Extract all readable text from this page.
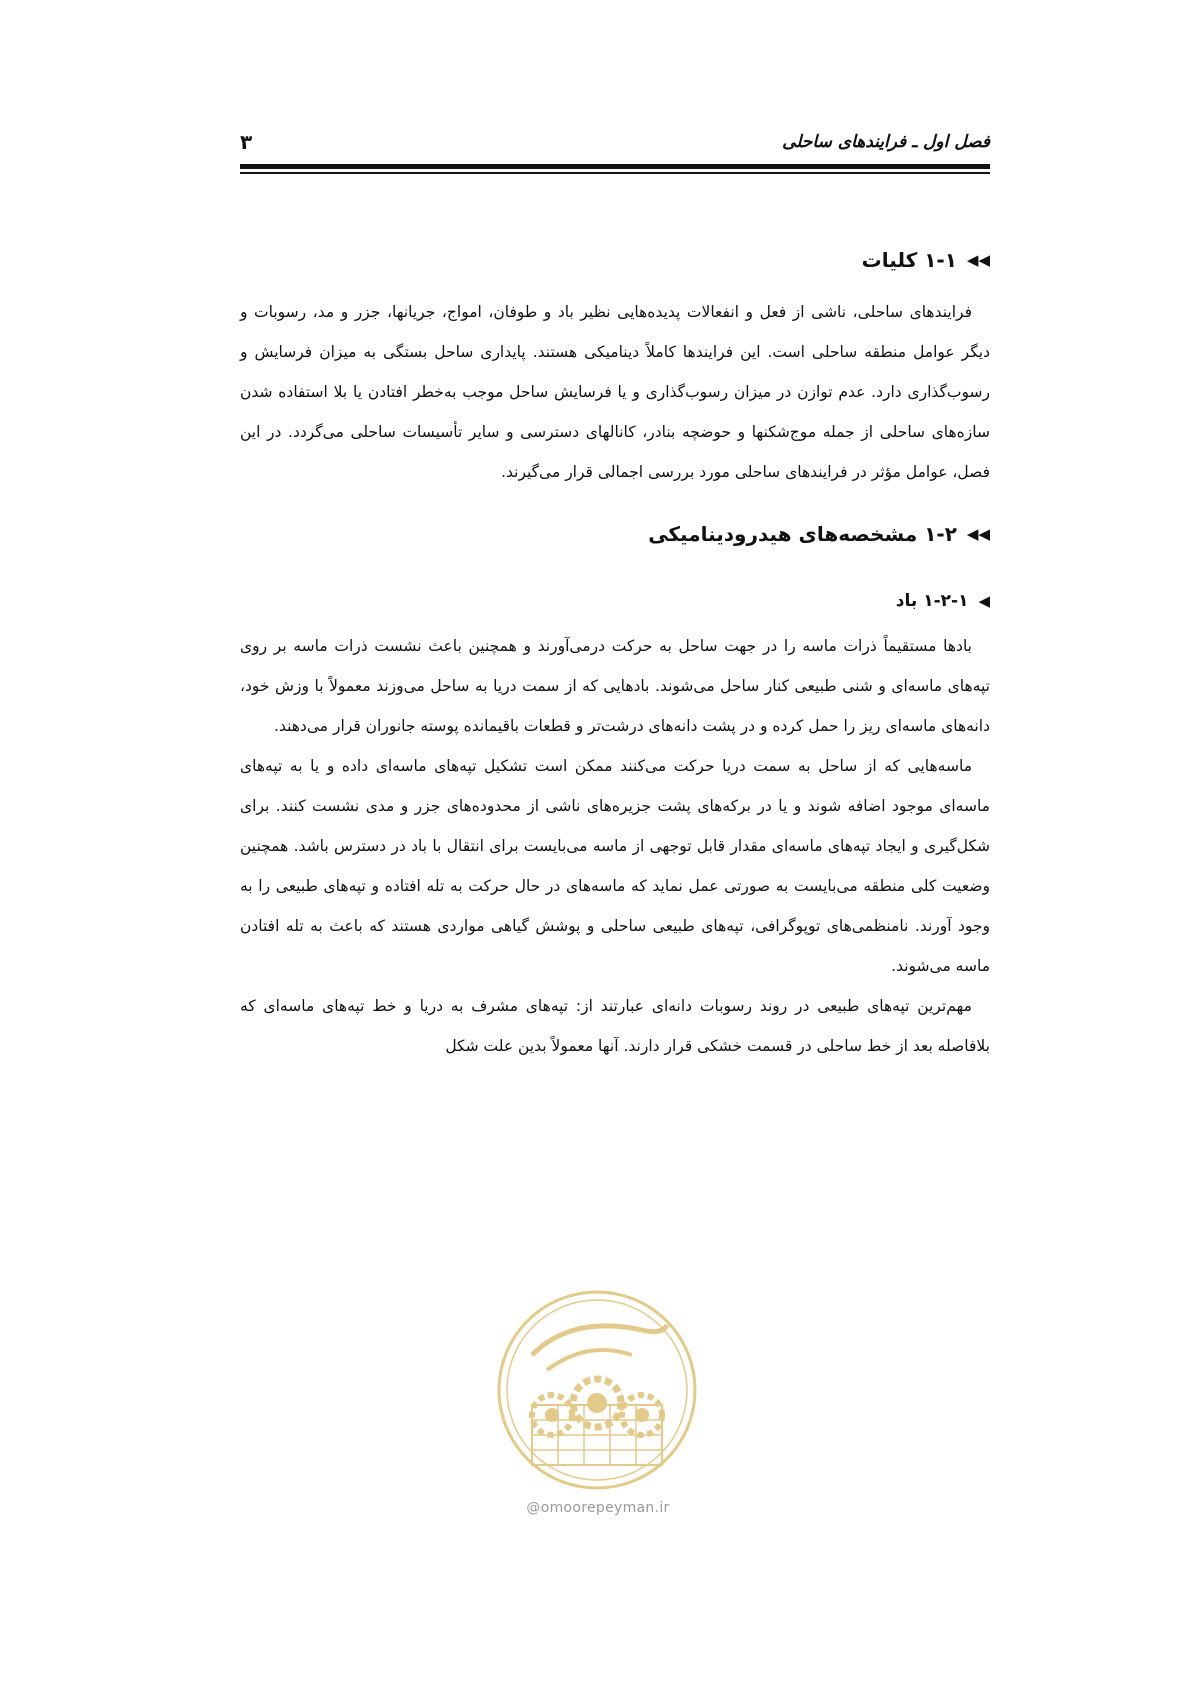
فصل اول ـ فرایندهای ساحلی
۳
◀◀
۱-۱ کلیات

فرایندهای ساحلی، ناشی از فعل و انفعالات پدیده‌هایی نظیر باد و طوفان، امواج، جریانها، جزر و مد، رسوبات و دیگر عوامل منطقه ساحلی است. این فرایندها کاملاً دینامیکی هستند. پایداری ساحل بستگی به میزان فرسایش و رسوب‌گذاری دارد. عدم توازن در میزان رسوب‌گذاری و یا فرسایش ساحل موجب به‌خطر افتادن یا بلا استفاده شدن سازه‌های ساحلی از جمله موج‌شکنها و حوضچه بنادر، کانالهای دسترسی و سایر تأسیسات ساحلی می‌گردد. در این فصل، عوامل مؤثر در فرایندهای ساحلی مورد بررسی اجمالی قرار می‌گیرند.

◀◀
۱-۲ مشخصه‌های هیدرودینامیکی
◀
۱-۲-۱ باد

بادها مستقیماً ذرات ماسه را در جهت ساحل به حرکت درمی‌آورند و همچنین باعث نشست ذرات ماسه بر روی تپه‌های ماسه‌ای و شنی طبیعی کنار ساحل می‌شوند. بادهایی که از سمت دریا به ساحل می‌وزند معمولاً با وزش خود، دانه‌های ماسه‌ای ریز را حمل کرده و در پشت دانه‌های درشت‌تر و قطعات باقیمانده پوسته جانوران قرار می‌دهند.

ماسه‌هایی که از ساحل به سمت دریا حرکت می‌کنند ممکن است تشکیل تپه‌های ماسه‌ای داده و یا به تپه‌های ماسه‌ای موجود اضافه شوند و یا در برکه‌های پشت جزیره‌های ناشی از محدوده‌های جزر و مدی نشست کنند. برای شکل‌گیری و ایجاد تپه‌های ماسه‌ای مقدار قابل توجهی از ماسه می‌بایست برای انتقال با باد در دسترس باشد. همچنین وضعیت کلی منطقه می‌بایست به صورتی عمل نماید که ماسه‌های در حال حرکت به تله افتاده و تپه‌های طبیعی را به وجود آورند. نامنظمی‌های توپوگرافی، تپه‌های طبیعی ساحلی و پوشش گیاهی مواردی هستند که باعث به تله افتادن ماسه می‌شوند.

مهم‌ترین تپه‌های طبیعی در روند رسوبات دانه‌ای عبارتند از: تپه‌های مشرف به دریا و خط تپه‌های ماسه‌ای که بلافاصله بعد از خط ساحلی در قسمت خشکی قرار دارند. آنها معمولاً بدین علت شکل

@omoorepeyman.ir
